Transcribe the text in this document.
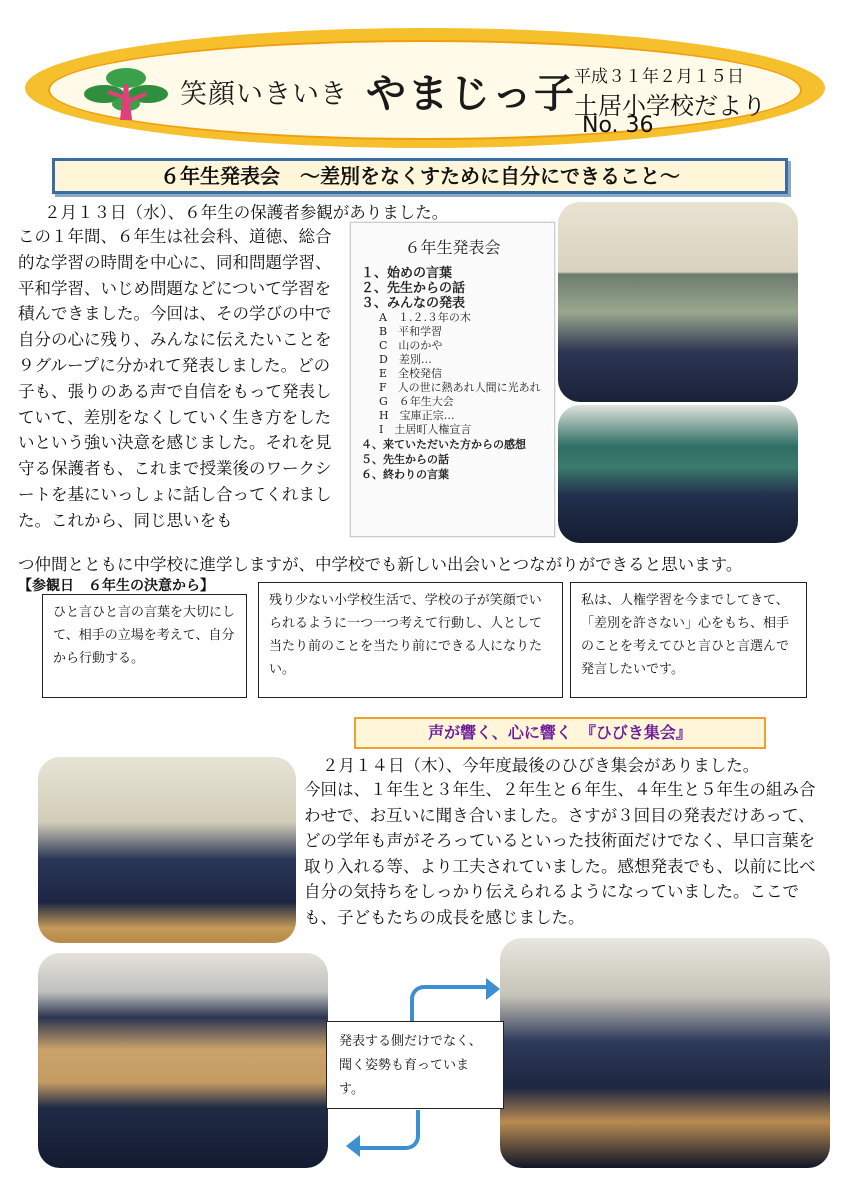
笑顔いきいき やまじっ子
平成３１年２月１５日
土居小学校だより
No. 36
６年生発表会　～差別をなくすために自分にできること～
２月１３日（水）、６年生の保護者参観がありました。
この１年間、６年生は社会科、道徳、総合的な学習の時間を中心に、同和問題学習、平和学習、いじめ問題などについて学習を積んできました。今回は、その学びの中で自分の心に残り、みんなに伝えたいことを９グループに分かれて発表しました。どの子も、張りのある声で自信をもって発表していて、差別をなくしていく生き方をしたいという強い決意を感じました。それを見守る保護者も、これまで授業後のワークシートを基にいっしょに話し合ってくれました。これから、同じ思いをも
６年生発表会
１、始めの言葉
２、先生からの話
３、みんなの発表
A　１.２.３年の木
B　平和学習
C　山のかや
D　差別…
E　全校発信
F　人の世に熱あれ人間に光あれ
G　６年生大会
H　宝庫正宗…
I　土居町人権宣言
４、来ていただいた方からの感想
５、先生からの話
６、終わりの言葉
つ仲間とともに中学校に進学しますが、中学校でも新しい出会いとつながりができると思います。
【参観日　６年生の決意から】
ひと言ひと言の言葉を大切にして、相手の立場を考えて、自分から行動する。
残り少ない小学校生活で、学校の子が笑顔でいられるように一つ一つ考えて行動し、人として当たり前のことを当たり前にできる人になりたい。
私は、人権学習を今までしてきて、「差別を許さない」心をもち、相手のことを考えてひと言ひと言選んで発言したいです。
声が響く、心に響く　『ひびき集会』
２月１４日（木）、今年度最後のひびき集会がありました。
今回は、１年生と３年生、２年生と６年生、４年生と５年生の組み合わせで、お互いに聞き合いました。さすが３回目の発表だけあって、どの学年も声がそろっているといった技術面だけでなく、早口言葉を取り入れる等、より工夫されていました。感想発表でも、以前に比べ自分の気持ちをしっかり伝えられるようになっていました。ここでも、子どもたちの成長を感じました。
発表する側だけでなく、聞く姿勢も育っています。
